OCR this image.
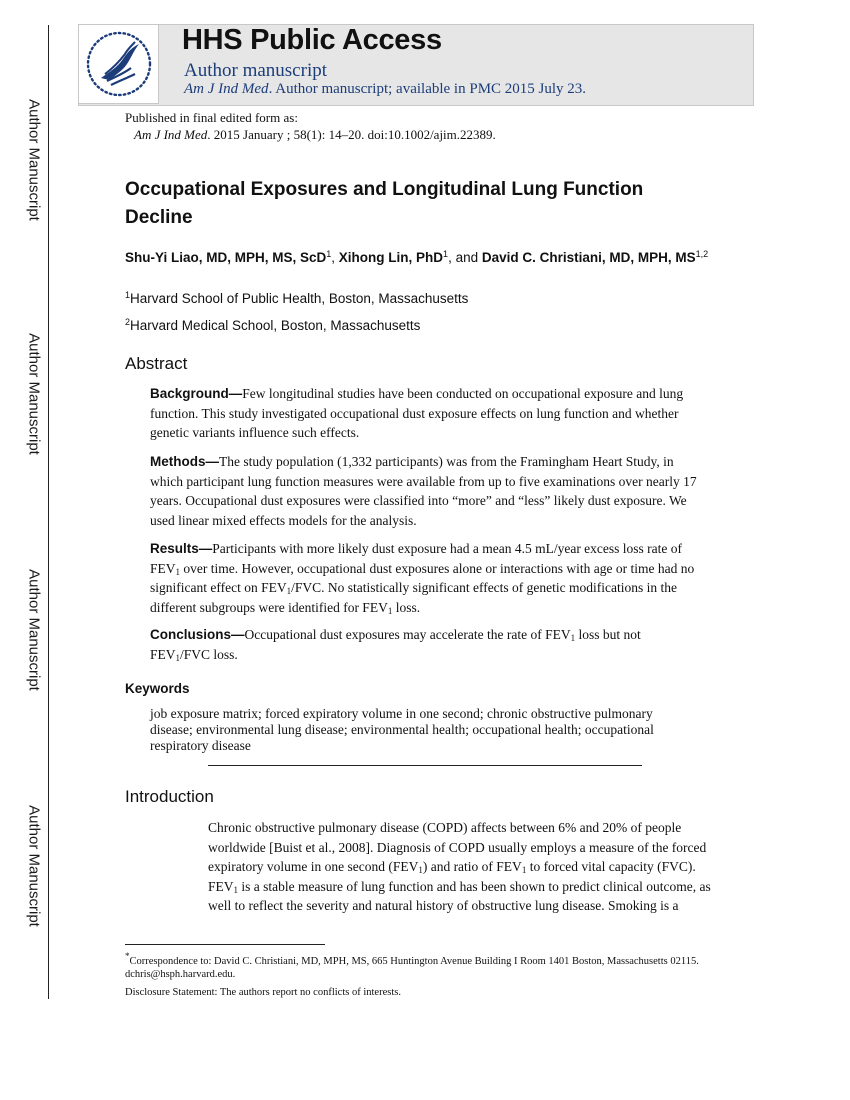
Author Manuscript
Author Manuscript
Author Manuscript
Author Manuscript
HHS Public Access
Author manuscript
Am J Ind Med. Author manuscript; available in PMC 2015 July 23.
Published in final edited form as:
Am J Ind Med. 2015 January ; 58(1): 14–20. doi:10.1002/ajim.22389.
Occupational Exposures and Longitudinal Lung Function Decline
Shu-Yi Liao, MD, MPH, MS, ScD$^1$, Xihong Lin, PhD$^1$, and David C. Christiani, MD, MPH, MS$^{1,2}$
$^1$Harvard School of Public Health, Boston, Massachusetts
$^2$Harvard Medical School, Boston, Massachusetts
Abstract
Background—Few longitudinal studies have been conducted on occupational exposure and lung function. This study investigated occupational dust exposure effects on lung function and whether genetic variants influence such effects.
Methods—The study population (1,332 participants) was from the Framingham Heart Study, in which participant lung function measures were available from up to five examinations over nearly 17 years. Occupational dust exposures were classified into “more” and “less” likely dust exposure. We used linear mixed effects models for the analysis.
Results—Participants with more likely dust exposure had a mean 4.5 mL/year excess loss rate of $FEV_1$ over time. However, occupational dust exposures alone or interactions with age or time had no significant effect on $FEV_1$/FVC. No statistically significant effects of genetic modifications in the different subgroups were identified for $FEV_1$ loss.
Conclusions—Occupational dust exposures may accelerate the rate of $FEV_1$ loss but not $FEV_1$/FVC loss.
Keywords
job exposure matrix; forced expiratory volume in one second; chronic obstructive pulmonary disease; environmental lung disease; environmental health; occupational health; occupational respiratory disease
Introduction
Chronic obstructive pulmonary disease (COPD) affects between 6% and 20% of people worldwide [Buist et al., 2008]. Diagnosis of COPD usually employs a measure of the forced expiratory volume in one second $(FEV_1)$ and ratio of $FEV_1$ to forced vital capacity (FVC). $FEV_1$ is a stable measure of lung function and has been shown to predict clinical outcome, as well to reflect the severity and natural history of obstructive lung disease. Smoking is a
*Correspondence to: David C. Christiani, MD, MPH, MS, 665 Huntington Avenue Building I Room 1401 Boston, Massachusetts 02115. dchris@hsph.harvard.edu.
Disclosure Statement: The authors report no conflicts of interests.
